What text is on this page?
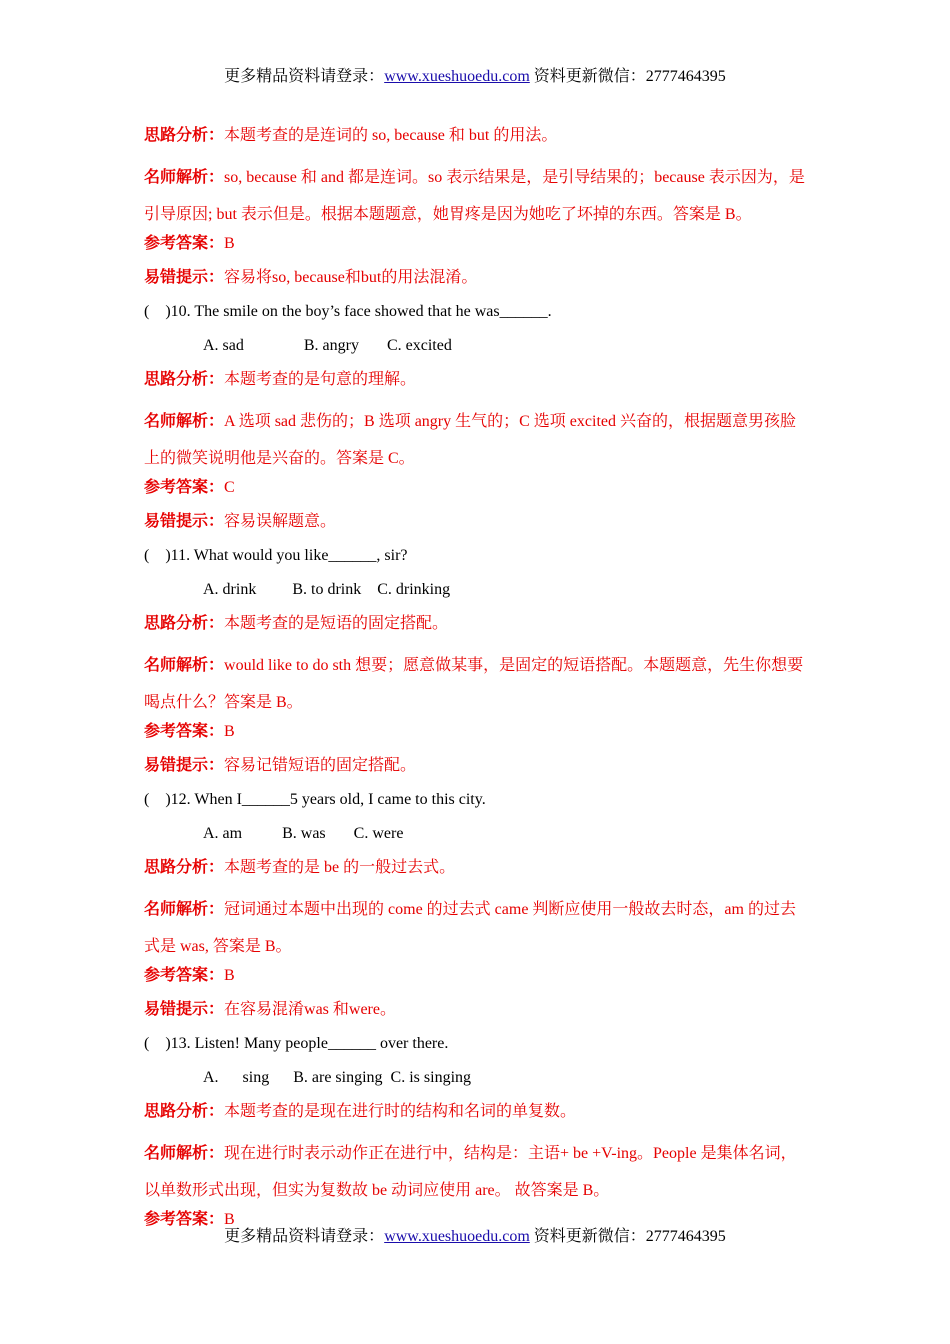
更多精品资料请登录：www.xueshuoedu.com 资料更新微信：2777464395
思路分析：本题考查的是连词的 so, because 和 but 的用法。
名师解析：so, because 和 and 都是连词。so 表示结果是，是引导结果的；because 表示因为，是引导原因; but 表示但是。根据本题题意，她胃疼是因为她吃了坏掉的东西。答案是 B。
参考答案：B
易错提示：容易将so, because和but的用法混淆。
(    )10. The smile on the boy’s face showed that he was______.
A. sad               B. angry       C. excited
思路分析：本题考查的是句意的理解。
名师解析：A 选项 sad 悲伤的；B 选项 angry 生气的；C 选项 excited 兴奋的，根据题意男孩脸上的微笑说明他是兴奋的。答案是 C。
参考答案：C
易错提示：容易误解题意。
(    )11. What would you like______, sir?
A. drink         B. to drink    C. drinking
思路分析：本题考查的是短语的固定搭配。
名师解析：would like to do sth 想要；愿意做某事，是固定的短语搭配。本题题意，先生你想要喝点什么？答案是 B。
参考答案：B
易错提示：容易记错短语的固定搭配。
(    )12. When I______5 years old, I came to this city.
A. am          B. was       C. were
思路分析：本题考查的是 be 的一般过去式。
名师解析：冠词通过本题中出现的 come 的过去式 came 判断应使用一般故去时态，am 的过去式是 was, 答案是 B。
参考答案：B
易错提示：在容易混淆was 和were。
(    )13. Listen! Many people______ over there.
A.      sing      B. are singing  C. is singing
思路分析：本题考查的是现在进行时的结构和名词的单复数。
名师解析：现在进行时表示动作正在进行中，结构是：主语+ be +V-ing。People 是集体名词，以单数形式出现，但实为复数故 be 动词应使用 are。 故答案是 B。
参考答案：B
更多精品资料请登录：www.xueshuoedu.com 资料更新微信：2777464395
